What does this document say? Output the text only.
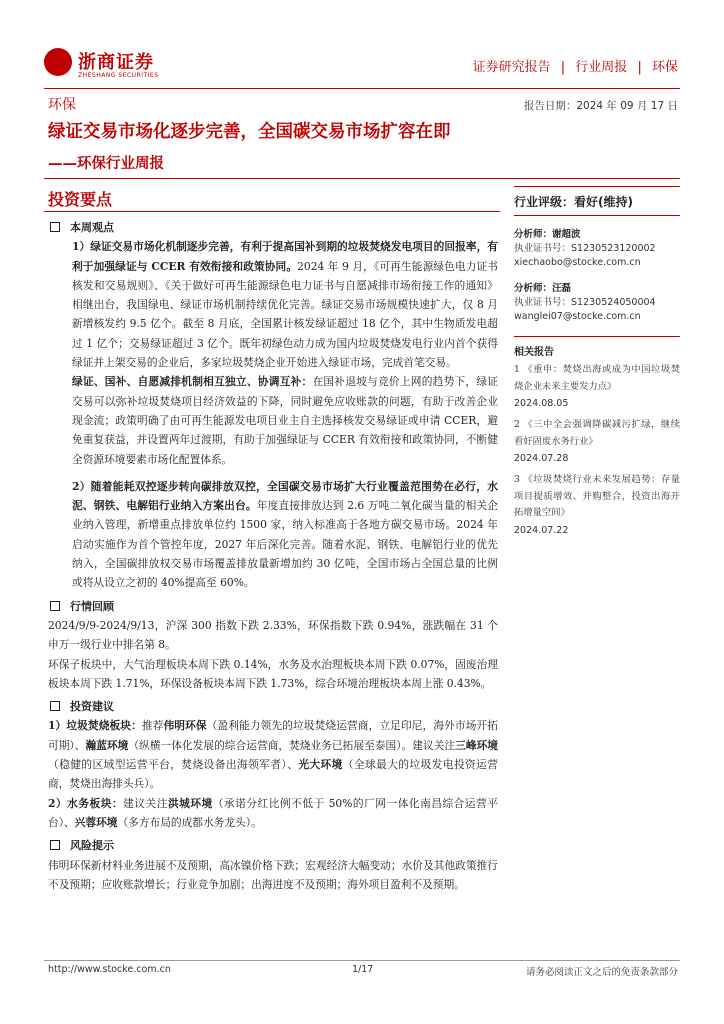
浙商证券
ZHESHANG SECURITIES
证券研究报告 | 行业周报 | 环保
环保	报告日期：2024 年 09 月 17 日
绿证交易市场化逐步完善，全国碳交易市场扩容在即
——环保行业周报
投资要点
本周观点

1）绿证交易市场化机制逐步完善，有利于提高国补到期的垃圾焚烧发电项目的回报率，有利于加强绿证与 CCER 有效衔接和政策协同。2024 年 9 月，《可再生能源绿色电力证书核发和交易规则》、《关于做好可再生能源绿色电力证书与自愿减排市场衔接工作的通知》相继出台，我国绿电、绿证市场机制持续优化完善。绿证交易市场规模快速扩大，仅 8 月新增核发约 9.5 亿个。截至 8 月底，全国累计核发绿证超过 18 亿个，其中生物质发电超过 1 亿个；交易绿证超过 3 亿个。既年初绿色动力成为国内垃圾焚烧发电行业内首个获得绿证并上架交易的企业后，多家垃圾焚烧企业开始进入绿证市场，完成首笔交易。

绿证、国补、自愿减排机制相互独立、协调互补：在国补退坡与竞价上网的趋势下，绿证交易可以弥补垃圾焚烧项目经济效益的下降，同时避免应收账款的问题，有助于改善企业现金流；政策明确了由可再生能源发电项目业主自主选择核发交易绿证或申请 CCER，避免重复获益，并设置两年过渡期，有助于加强绿证与 CCER 有效衔接和政策协同，不断健全资源环境要素市场化配置体系。

2）随着能耗双控逐步转向碳排放双控，全国碳交易市场扩大行业覆盖范围势在必行，水泥、钢铁、电解铝行业纳入方案出台。年度直接排放达到 2.6 万吨二氧化碳当量的相关企业纳入管理，新增重点排放单位约 1500 家，纳入标准高于各地方碳交易市场。2024 年启动实施作为首个管控年度，2027 年后深化完善。随着水泥、钢铁、电解铝行业的优先纳入，全国碳排放权交易市场覆盖排放量新增加约 30 亿吨，全国市场占全国总量的比例或将从设立之初的 40%提高至 60%。

行情回顾

2024/9/9-2024/9/13，沪深 300 指数下跌 2.33%，环保指数下跌 0.94%，涨跌幅在 31 个申万一级行业中排名第 8。

环保子板块中，大气治理板块本周下跌 0.14%，水务及水治理板块本周下跌 0.07%，固废治理板块本周下跌 1.71%，环保设备板块本周下跌 1.73%，综合环境治理板块本周上涨 0.43%。

投资建议

1）垃圾焚烧板块：推荐伟明环保（盈利能力领先的垃圾焚烧运营商，立足印尼，海外市场开拓可期）、瀚蓝环境（纵横一体化发展的综合运营商，焚烧业务已拓展至泰国）。建议关注三峰环境（稳健的区域型运营平台，焚烧设备出海领军者）、光大环境（全球最大的垃圾发电投资运营商，焚烧出海排头兵）。

2）水务板块：建议关注洪城环境（承诺分红比例不低于 50%的厂网一体化南昌综合运营平台）、兴蓉环境（多方布局的成都水务龙头）。

风险提示

伟明环保新材料业务进展不及预期，高冰镍价格下跌；宏观经济大幅变动；水价及其他政策推行不及预期；应收账款增长；行业竞争加剧；出海进度不及预期；海外项目盈利不及预期。

行业评级：看好(维持)
分析师：谢超波
执业证书号：S1230523120002
xiechaobo@stocke.com.cn
分析师：汪磊
执业证书号：S1230524050004
wanglei07@stocke.com.cn
相关报告
1 《重申：焚烧出海或成为中国垃圾焚烧企业未来主要发力点》
2024.08.05
2 《三中全会强调降碳减污扩绿，继续看好固废水务行业》
2024.07.28
3 《垃圾焚烧行业未来发展趋势：存量项目提质增效、并购整合，投资出海开拓增量空间》
2024.07.22
http://www.stocke.com.cn	1/17	请务必阅读正文之后的免责条款部分
